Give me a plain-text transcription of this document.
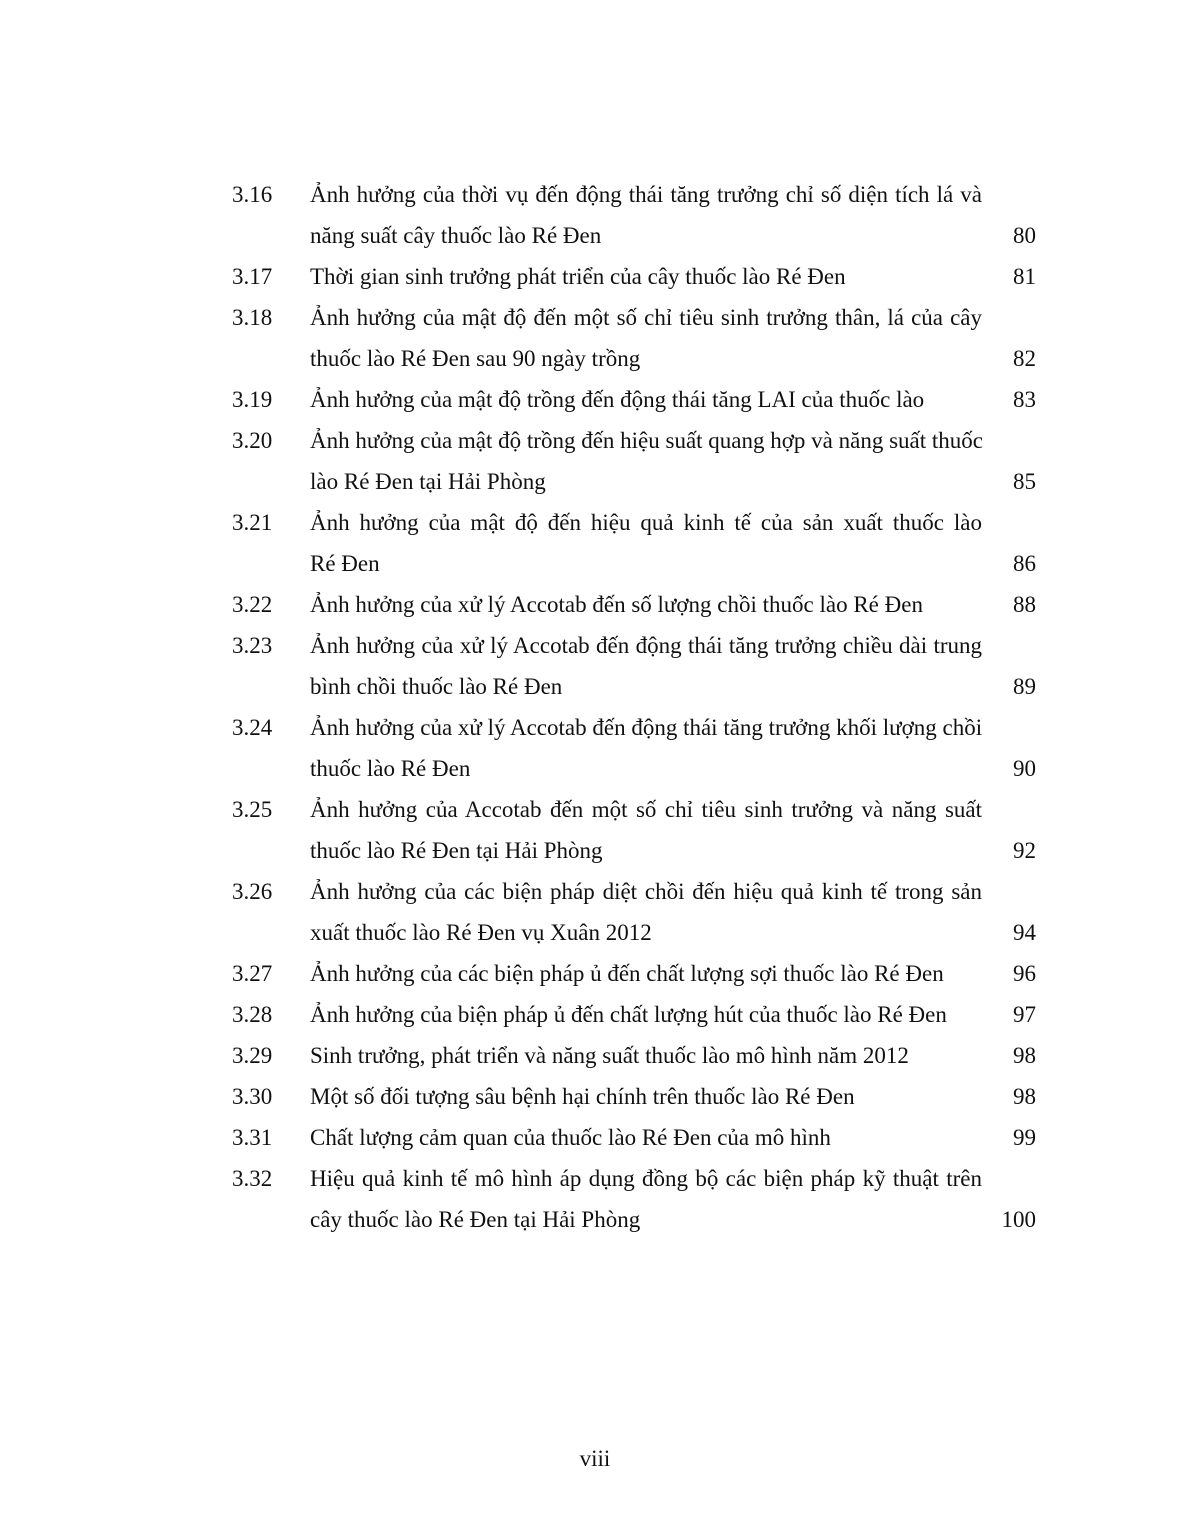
3.16	Ảnh hưởng của thời vụ đến động thái tăng trưởng chỉ số diện tích lá và
năng suất cây thuốc lào Ré Đen	80
3.17	Thời gian sinh trưởng phát triển của cây thuốc lào Ré Đen	81
3.18	Ảnh hưởng của mật độ đến một số chỉ tiêu sinh trưởng thân, lá của cây
thuốc lào Ré Đen sau 90 ngày trồng	82
3.19	Ảnh hưởng của mật độ trồng đến động thái tăng LAI của thuốc lào	83
3.20	Ảnh hưởng của mật độ trồng đến hiệu suất quang hợp và năng suất thuốc
lào Ré Đen tại Hải Phòng	85
3.21	Ảnh hưởng của mật độ đến hiệu quả kinh tế của sản xuất thuốc lào
Ré Đen	86
3.22	Ảnh hưởng của xử lý Accotab đến số lượng chồi thuốc lào Ré Đen	88
3.23	Ảnh hưởng của xử lý Accotab đến động thái tăng trưởng chiều dài trung
bình chồi thuốc lào Ré Đen	89
3.24	Ảnh hưởng của xử lý Accotab đến động thái tăng trưởng khối lượng chồi
thuốc lào Ré Đen	90
3.25	Ảnh hưởng của Accotab đến một số chỉ tiêu sinh trưởng và năng suất
thuốc lào Ré Đen tại Hải Phòng	92
3.26	Ảnh hưởng của các biện pháp diệt chồi đến hiệu quả kinh tế trong sản
xuất thuốc lào Ré Đen vụ Xuân 2012	94
3.27	Ảnh hưởng của các biện pháp ủ đến chất lượng sợi thuốc lào Ré Đen	96
3.28	Ảnh hưởng của biện pháp ủ đến chất lượng hút của thuốc lào Ré Đen	97
3.29	Sinh trưởng, phát triển và năng suất thuốc lào mô hình năm 2012	98
3.30	Một số đối tượng sâu bệnh hại chính trên thuốc lào Ré Đen	98
3.31	Chất lượng cảm quan của thuốc lào Ré Đen của mô hình	99
3.32	Hiệu quả kinh tế mô hình áp dụng đồng bộ các biện pháp kỹ thuật trên
cây thuốc lào Ré Đen tại Hải Phòng	100
viii
